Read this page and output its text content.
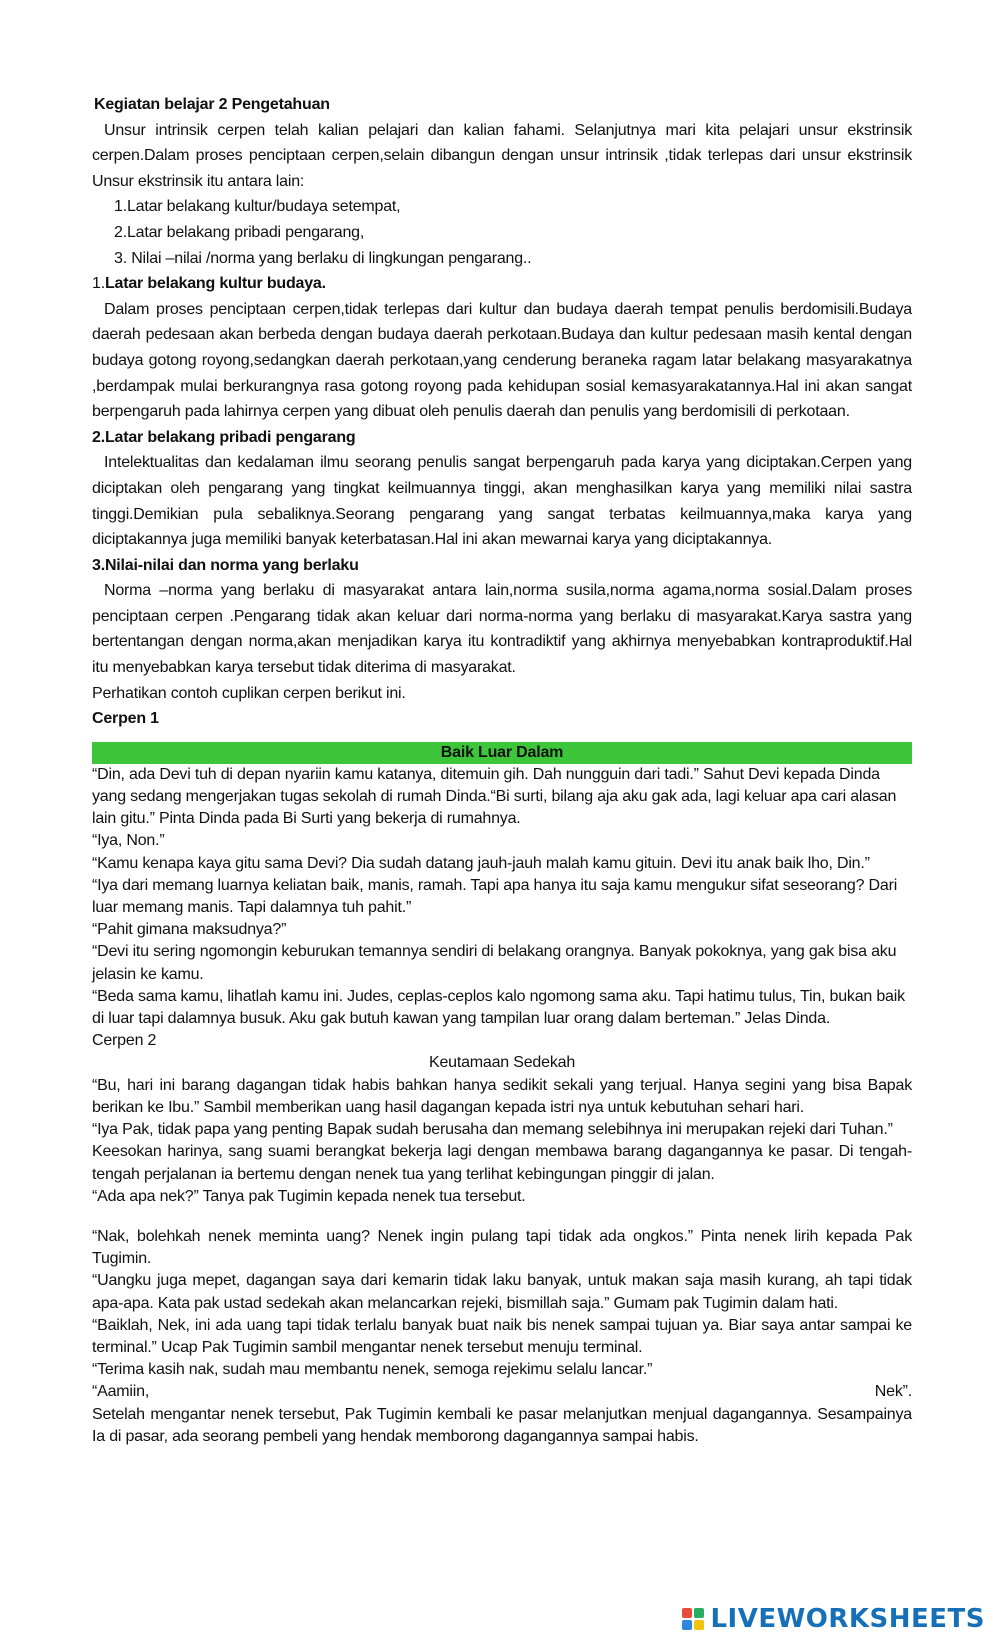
Kegiatan belajar 2 Pengetahuan

Unsur intrinsik cerpen telah kalian pelajari dan kalian fahami. Selanjutnya mari kita pelajari unsur ekstrinsik cerpen.Dalam proses penciptaan cerpen,selain dibangun dengan unsur intrinsik ,tidak terlepas dari unsur ekstrinsik Unsur ekstrinsik itu antara lain:

1.Latar belakang kultur/budaya setempat,

2.Latar belakang pribadi pengarang,

3. Nilai –nilai /norma yang berlaku di lingkungan pengarang..

1.Latar belakang kultur budaya.

Dalam proses penciptaan cerpen,tidak terlepas dari kultur dan budaya daerah tempat penulis berdomisili.Budaya daerah pedesaan akan berbeda dengan budaya daerah perkotaan.Budaya dan kultur pedesaan masih kental dengan budaya gotong royong,sedangkan daerah perkotaan,yang cenderung beraneka ragam latar belakang masyarakatnya ,berdampak mulai berkurangnya rasa gotong royong pada kehidupan sosial kemasyarakatannya.Hal ini akan sangat berpengaruh pada lahirnya cerpen yang dibuat oleh penulis daerah dan penulis yang berdomisili di perkotaan.

2.Latar belakang pribadi pengarang

Intelektualitas dan kedalaman ilmu seorang penulis sangat berpengaruh pada karya yang diciptakan.Cerpen yang diciptakan oleh pengarang yang tingkat keilmuannya tinggi, akan menghasilkan karya yang memiliki nilai sastra tinggi.Demikian pula sebaliknya.Seorang pengarang yang sangat terbatas keilmuannya,maka karya yang diciptakannya juga memiliki banyak keterbatasan.Hal ini akan mewarnai karya yang diciptakannya.

3.Nilai-nilai dan norma yang berlaku

Norma –norma yang berlaku di masyarakat antara lain,norma susila,norma agama,norma sosial.Dalam proses penciptaan cerpen .Pengarang tidak akan keluar dari norma-norma yang berlaku di masyarakat.Karya sastra yang bertentangan dengan norma,akan menjadikan karya itu kontradiktif yang akhirnya menyebabkan kontraproduktif.Hal itu menyebabkan karya tersebut tidak diterima di masyarakat.

Perhatikan contoh cuplikan cerpen berikut ini.

Cerpen 1

Baik Luar Dalam

“Din, ada Devi tuh di depan nyariin kamu katanya, ditemuin gih. Dah nungguin dari tadi.” Sahut Devi kepada Dinda yang sedang mengerjakan tugas sekolah di rumah Dinda.“Bi surti, bilang aja aku gak ada, lagi keluar apa cari alasan lain gitu.” Pinta Dinda pada Bi Surti yang bekerja di rumahnya.

“Iya, Non.”

“Kamu kenapa kaya gitu sama Devi? Dia sudah datang jauh-jauh malah kamu gituin. Devi itu anak baik lho, Din.”

“Iya dari memang luarnya keliatan baik, manis, ramah. Tapi apa hanya itu saja kamu mengukur sifat seseorang? Dari luar memang manis. Tapi dalamnya tuh pahit.”

“Pahit gimana maksudnya?”

“Devi itu sering ngomongin keburukan temannya sendiri di belakang orangnya. Banyak pokoknya, yang gak bisa aku jelasin ke kamu.

“Beda sama kamu, lihatlah kamu ini. Judes, ceplas-ceplos kalo ngomong sama aku. Tapi hatimu tulus, Tin, bukan baik di luar tapi dalamnya busuk. Aku gak butuh kawan yang tampilan luar orang dalam berteman.” Jelas Dinda.

Cerpen 2

Keutamaan Sedekah

“Bu, hari ini barang dagangan tidak habis bahkan hanya sedikit sekali yang terjual. Hanya segini yang bisa Bapak berikan ke Ibu.” Sambil memberikan uang hasil dagangan kepada istri nya untuk kebutuhan sehari hari.

“Iya Pak, tidak papa yang penting Bapak sudah berusaha dan memang selebihnya ini merupakan rejeki dari Tuhan.”

Keesokan harinya, sang suami berangkat bekerja lagi dengan membawa barang dagangannya ke pasar. Di tengah-tengah perjalanan ia bertemu dengan nenek tua yang terlihat kebingungan pinggir di jalan.

“Ada apa nek?” Tanya pak Tugimin kepada nenek tua tersebut.

“Nak, bolehkah nenek meminta uang? Nenek ingin pulang tapi tidak ada ongkos.” Pinta nenek lirih kepada Pak Tugimin.

“Uangku juga mepet, dagangan saya dari kemarin tidak laku banyak, untuk makan saja masih kurang, ah tapi tidak apa-apa. Kata pak ustad sedekah akan melancarkan rejeki, bismillah saja.” Gumam pak Tugimin dalam hati.

“Baiklah, Nek, ini ada uang tapi tidak terlalu banyak buat naik bis nenek sampai tujuan ya. Biar saya antar sampai ke terminal.” Ucap Pak Tugimin sambil mengantar nenek tersebut menuju terminal.

“Terima kasih nak, sudah mau membantu nenek, semoga rejekimu selalu lancar.”

“Aamiin,	Nek”.

Setelah mengantar nenek tersebut, Pak Tugimin kembali ke pasar melanjutkan menjual dagangannya. Sesampainya Ia di pasar, ada seorang pembeli yang hendak memborong dagangannya sampai habis.

LIVEWORKSHEETS
